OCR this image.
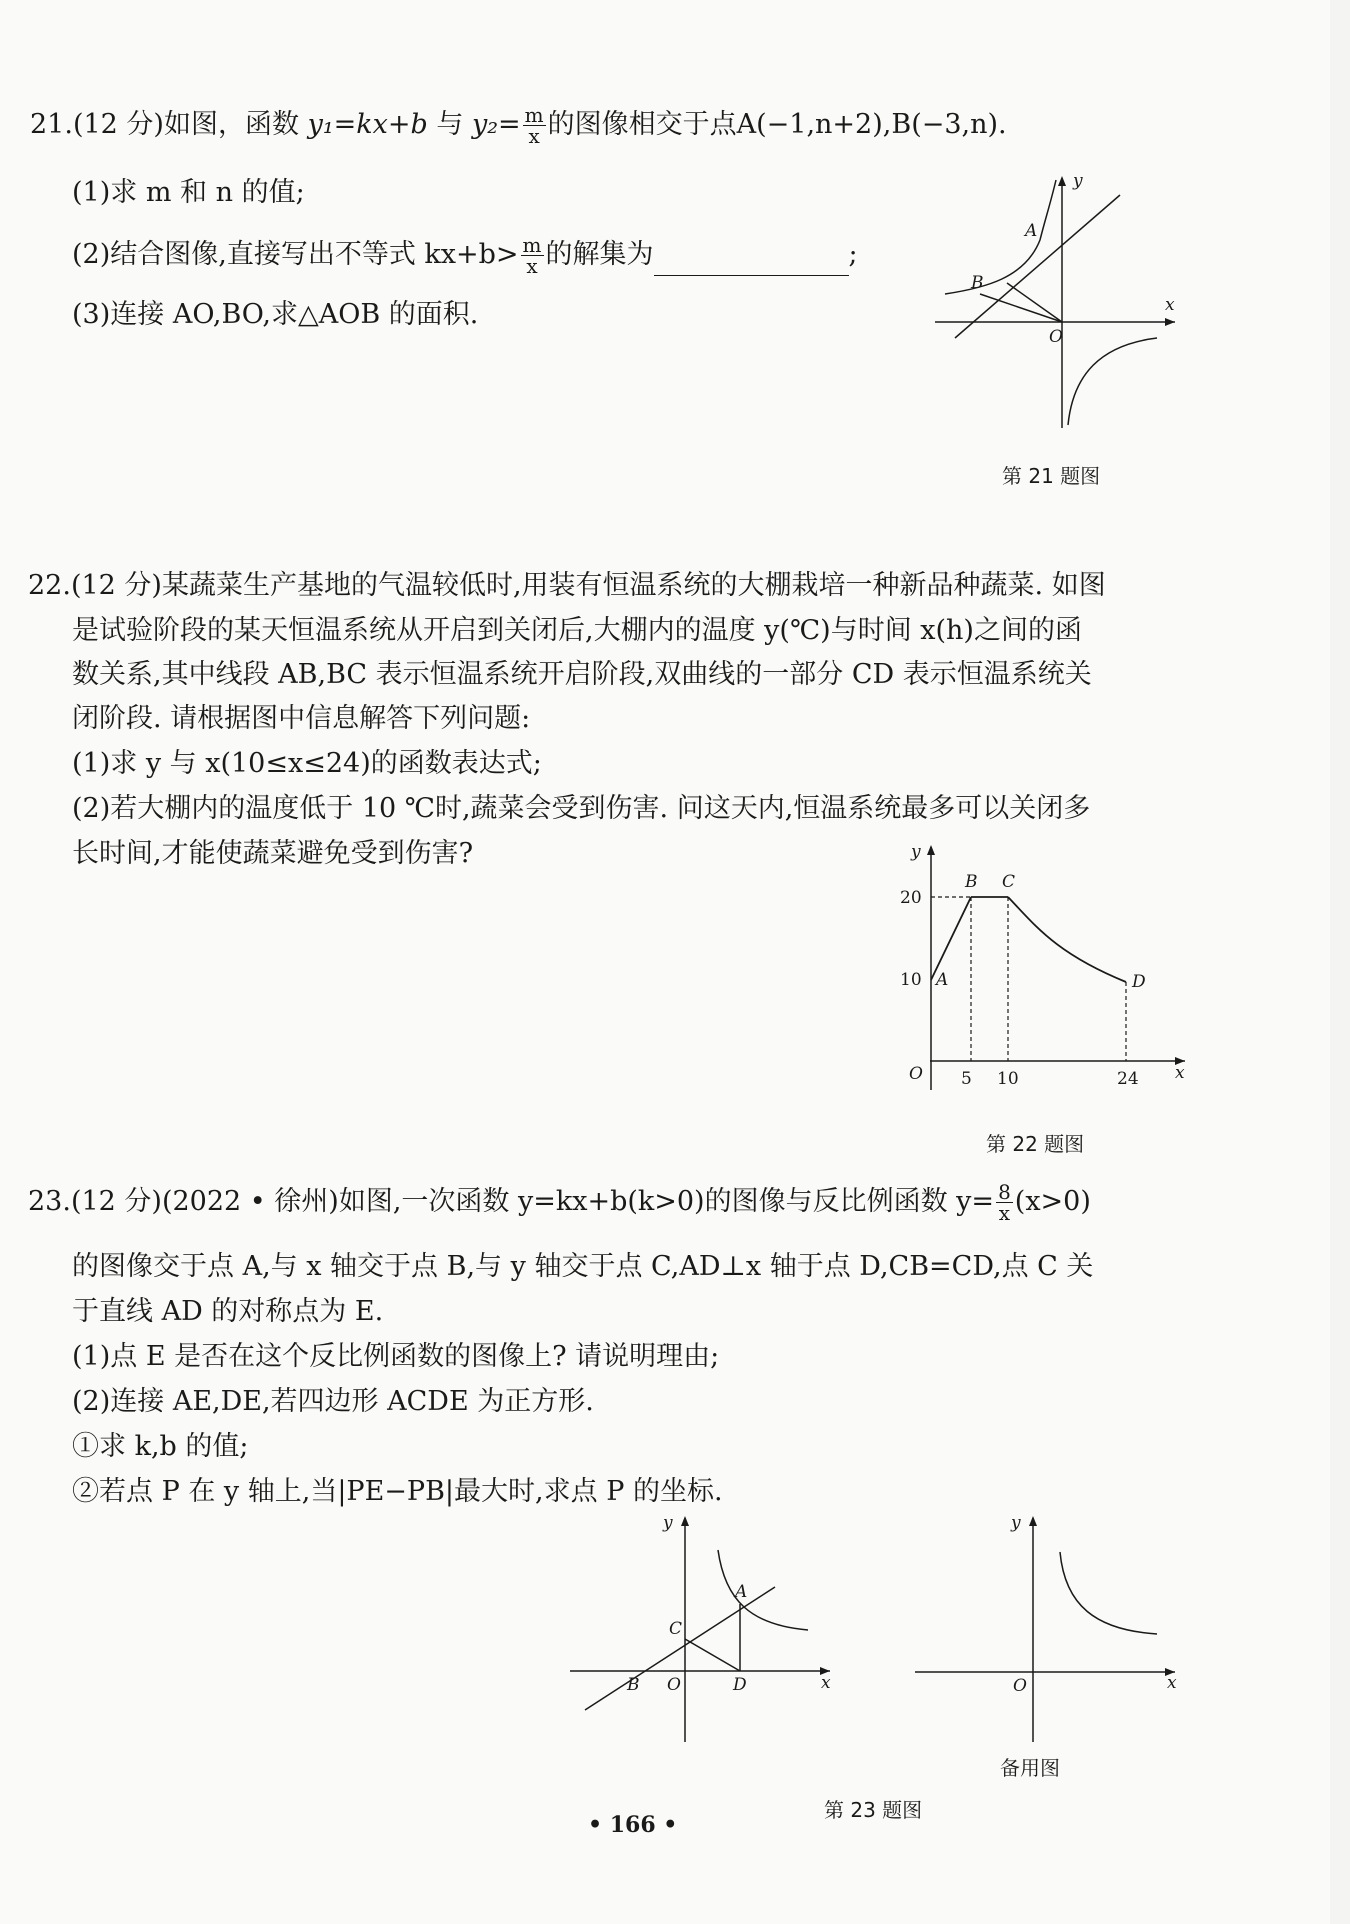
21.(12 分)如图，函数 y₁=kx+b 与 $y_2= \frac{m}{x}$ 的图像相交于点A(−1,n+2),B(−3,n).
(1)求 m 和 n 的值;
(2)结合图像,直接写出不等式 $kx+b> \frac{m}{x}$ 的解集为	;
(3)连接 AO,BO,求△AOB 的面积.
y
x
O
A
B
第 21 题图
22.(12 分)某蔬菜生产基地的气温较低时,用装有恒温系统的大棚栽培一种新品种蔬菜. 如图
是试验阶段的某天恒温系统从开启到关闭后,大棚内的温度 y(℃)与时间 x(h)之间的函
数关系,其中线段 AB,BC 表示恒温系统开启阶段,双曲线的一部分 CD 表示恒温系统关
闭阶段. 请根据图中信息解答下列问题:
(1)求 y 与 x(10≤x≤24)的函数表达式;
(2)若大棚内的温度低于 10 ℃时,蔬菜会受到伤害. 问这天内,恒温系统最多可以关闭多
长时间,才能使蔬菜避免受到伤害?	y
x
O
20
10
5 10	24
A
B C
D
第 22 题图
23.(12 分)(2022 • 徐州)如图,一次函数 y=kx+b(k>0)的图像与反比例函数 $y= \frac{8}{x} (x>0)$
的图像交于点 A,与 x 轴交于点 B,与 y 轴交于点 C,AD⊥x 轴于点 D,CB=CD,点 C 关
于直线 AD 的对称点为 E.
(1)点 E 是否在这个反比例函数的图像上? 请说明理由;
(2)连接 AE,DE,若四边形 ACDE 为正方形.
①求 k,b 的值;
②若点 P 在 y 轴上,当|PE−PB|最大时,求点 P 的坐标.
y
x
O
A
B
C
D
y
x
O
备用图
第 23 题图
• 166 •
